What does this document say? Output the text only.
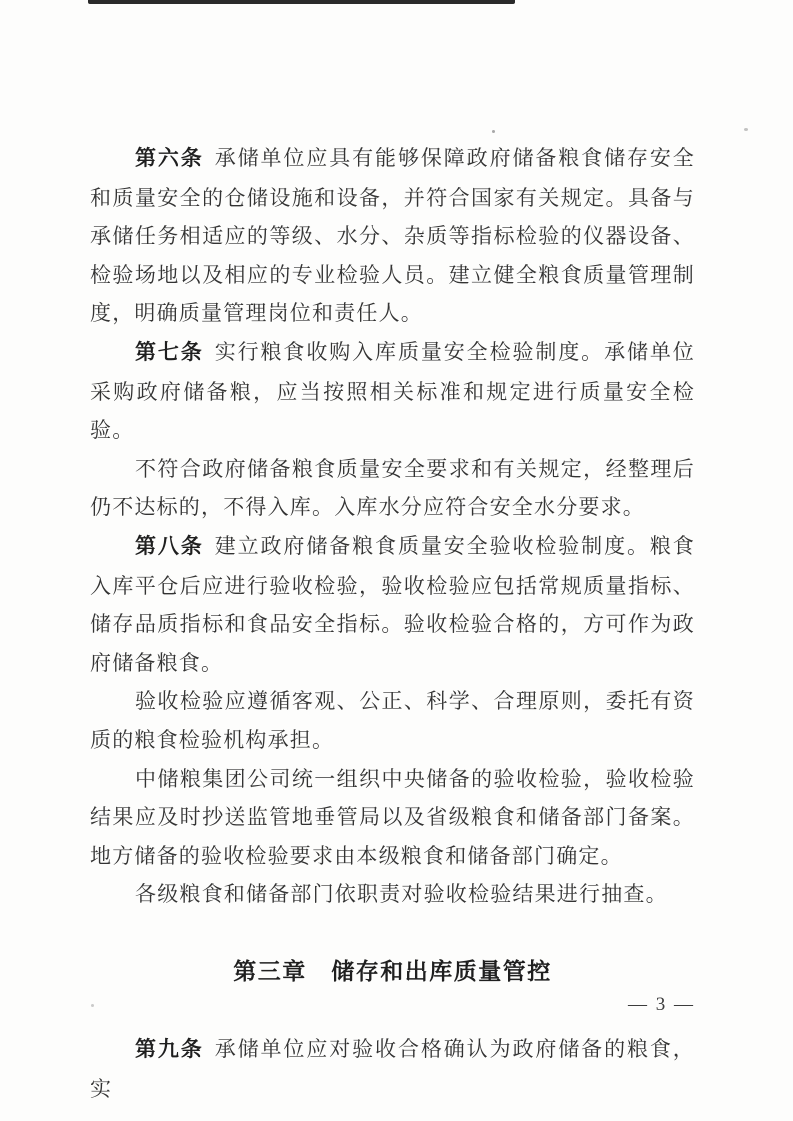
第六条 承储单位应具有能够保障政府储备粮食储存安全和质量安全的仓储设施和设备，并符合国家有关规定。具备与承储任务相适应的等级、水分、杂质等指标检验的仪器设备、检验场地以及相应的专业检验人员。建立健全粮食质量管理制度，明确质量管理岗位和责任人。

第七条 实行粮食收购入库质量安全检验制度。承储单位采购政府储备粮，应当按照相关标准和规定进行质量安全检验。

不符合政府储备粮食质量安全要求和有关规定，经整理后仍不达标的，不得入库。入库水分应符合安全水分要求。

第八条 建立政府储备粮食质量安全验收检验制度。粮食入库平仓后应进行验收检验，验收检验应包括常规质量指标、储存品质指标和食品安全指标。验收检验合格的，方可作为政府储备粮食。

验收检验应遵循客观、公正、科学、合理原则，委托有资质的粮食检验机构承担。

中储粮集团公司统一组织中央储备的验收检验，验收检验结果应及时抄送监管地垂管局以及省级粮食和储备部门备案。地方储备的验收检验要求由本级粮食和储备部门确定。

各级粮食和储备部门依职责对验收检验结果进行抽查。

第三章　储存和出库质量管控

第九条 承储单位应对验收合格确认为政府储备的粮食，实

— 3 —
